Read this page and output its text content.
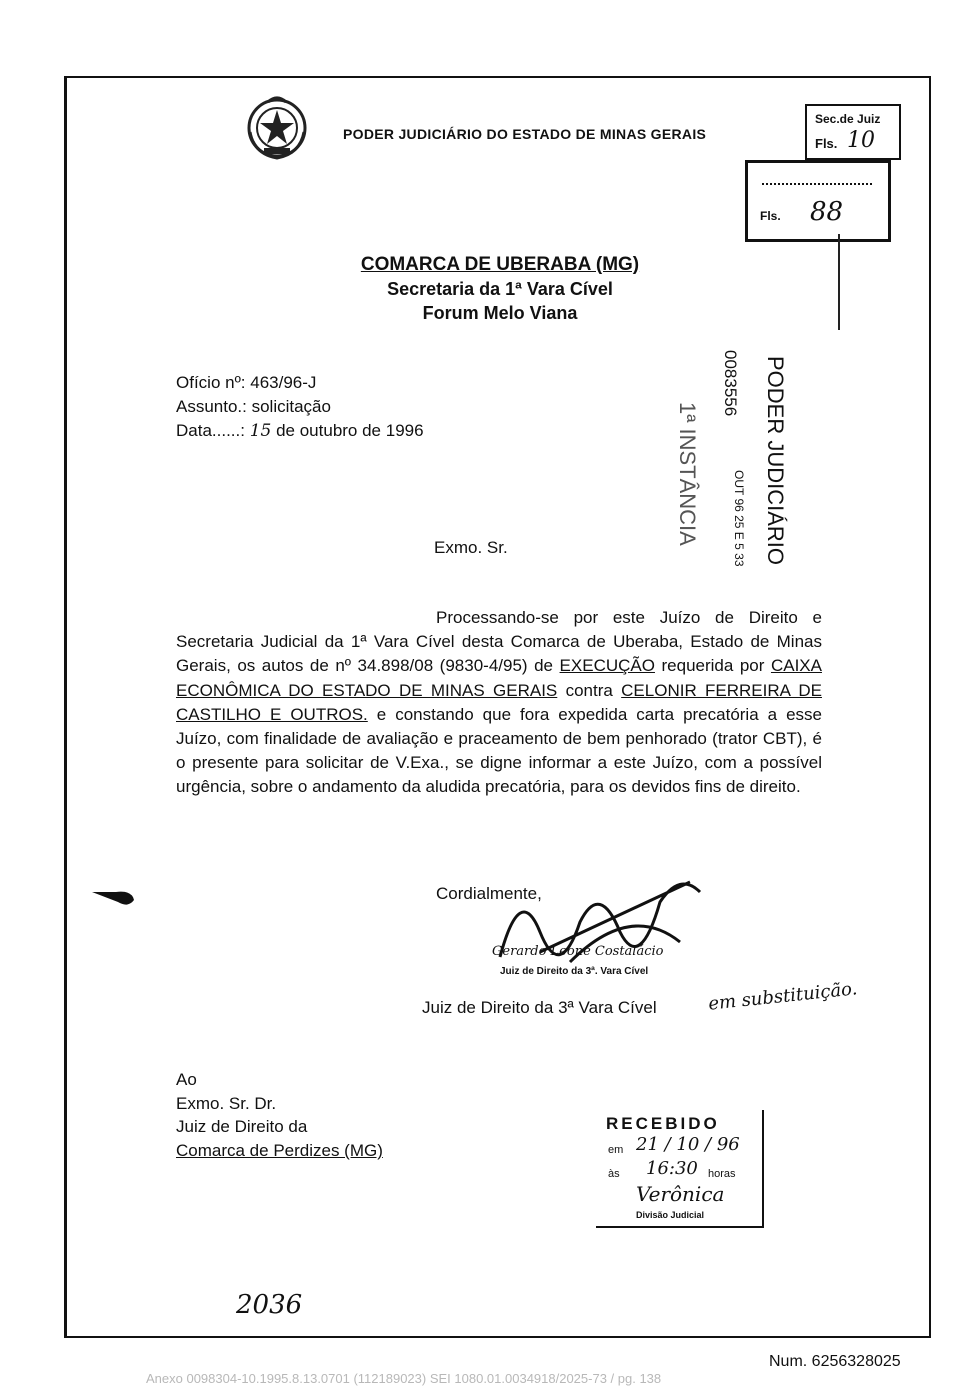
PODER JUDICIÁRIO DO ESTADO DE MINAS GERAIS
Sec.de Juiz
Fls. 10
Fls. 88
COMARCA DE UBERABA (MG)
Secretaria da 1ª Vara Cível
Forum Melo Viana
Ofício nº: 463/96-J
Assunto.: solicitação
Data......: 15 de outubro de 1996	PODER JUDICIÁRIO
0083556
OUT 96 25 E 5 33
1ª INSTÂNCIA
Exmo. Sr.
Processando-se por este Juízo de Direito e Secretaria Judicial da 1ª Vara Cível desta Comarca de Uberaba, Estado de Minas Gerais, os autos de nº 34.898/08 (9830-4/95) de EXECUÇÃO requerida por CAIXA ECONÔMICA DO ESTADO DE MINAS GERAIS contra CELONIR FERREIRA DE CASTILHO E OUTROS. e constando que fora expedida carta precatória a esse Juízo, com finalidade de avaliação e praceamento de bem penhorado (trator CBT), é o presente para solicitar de V.Exa., se digne informar a este Juízo, com a possível urgência, sobre o andamento da aludida precatória, para os devidos fins de direito.
Cordialmente,
Gerardo Leone Costalácio
Juiz de Direito da 3ª. Vara Cível
Juiz de Direito da 3ª Vara Cível	em substituição.
Ao
Exmo. Sr. Dr.
Juiz de Direito da
Comarca de Perdizes (MG)
RECEBIDO
em 21 / 10 / 96
às 16:30 horas
Verônica
Divisão Judicial
2036
Num. 6256328025
Anexo 0098304-10.1995.8.13.0701 (112189023) SEI 1080.01.0034918/2025-73 / pg. 138
